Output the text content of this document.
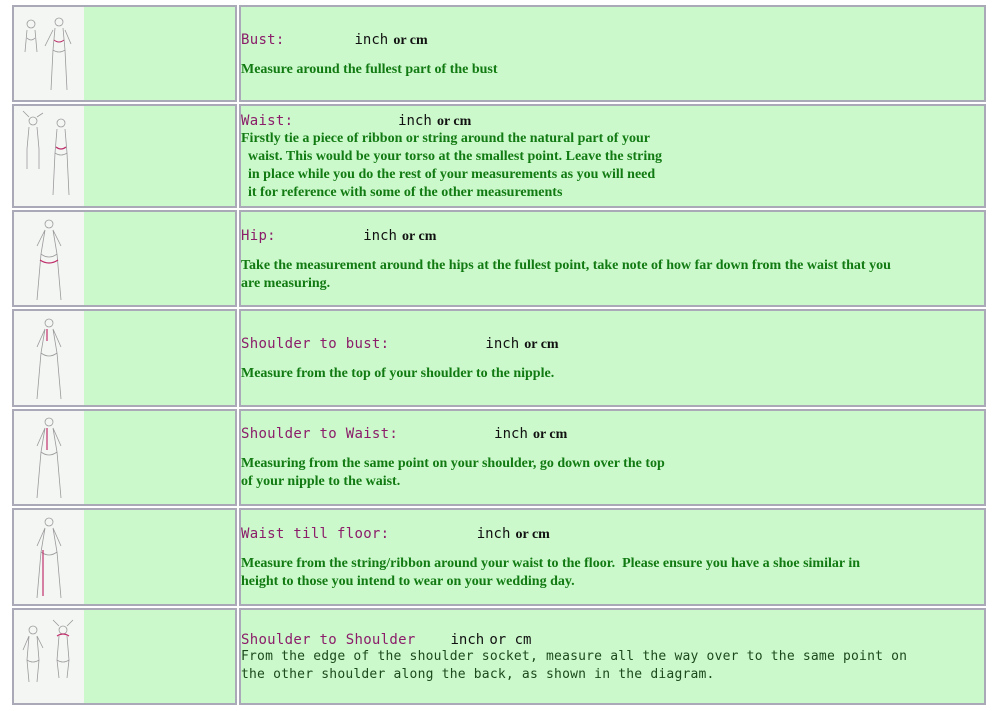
Bust: inch or cm
Measure around the fullest part of the bust

Waist: inch or cm
Firstly tie a piece of ribbon or string around the natural part of your
waist. This would be your torso at the smallest point. Leave the string
in place while you do the rest of your measurements as you will need
it for reference with some of the other measurements

Hip: inch or cm
Take the measurement around the hips at the fullest point, take note of how far down from the waist that you
are measuring.

Shoulder to bust: inch or cm
Measure from the top of your shoulder to the nipple.

Shoulder to Waist: inch or cm
Measuring from the same point on your shoulder, go down over the top
of your nipple to the waist.

Waist till floor: inch or cm
Measure from the string/ribbon around your waist to the floor.  Please ensure you have a shoe similar in
height to those you intend to wear on your wedding day.

Shoulder to Shoulder inch or cm
From the edge of the shoulder socket, measure all the way over to the same point on
the other shoulder along the back, as shown in the diagram.
